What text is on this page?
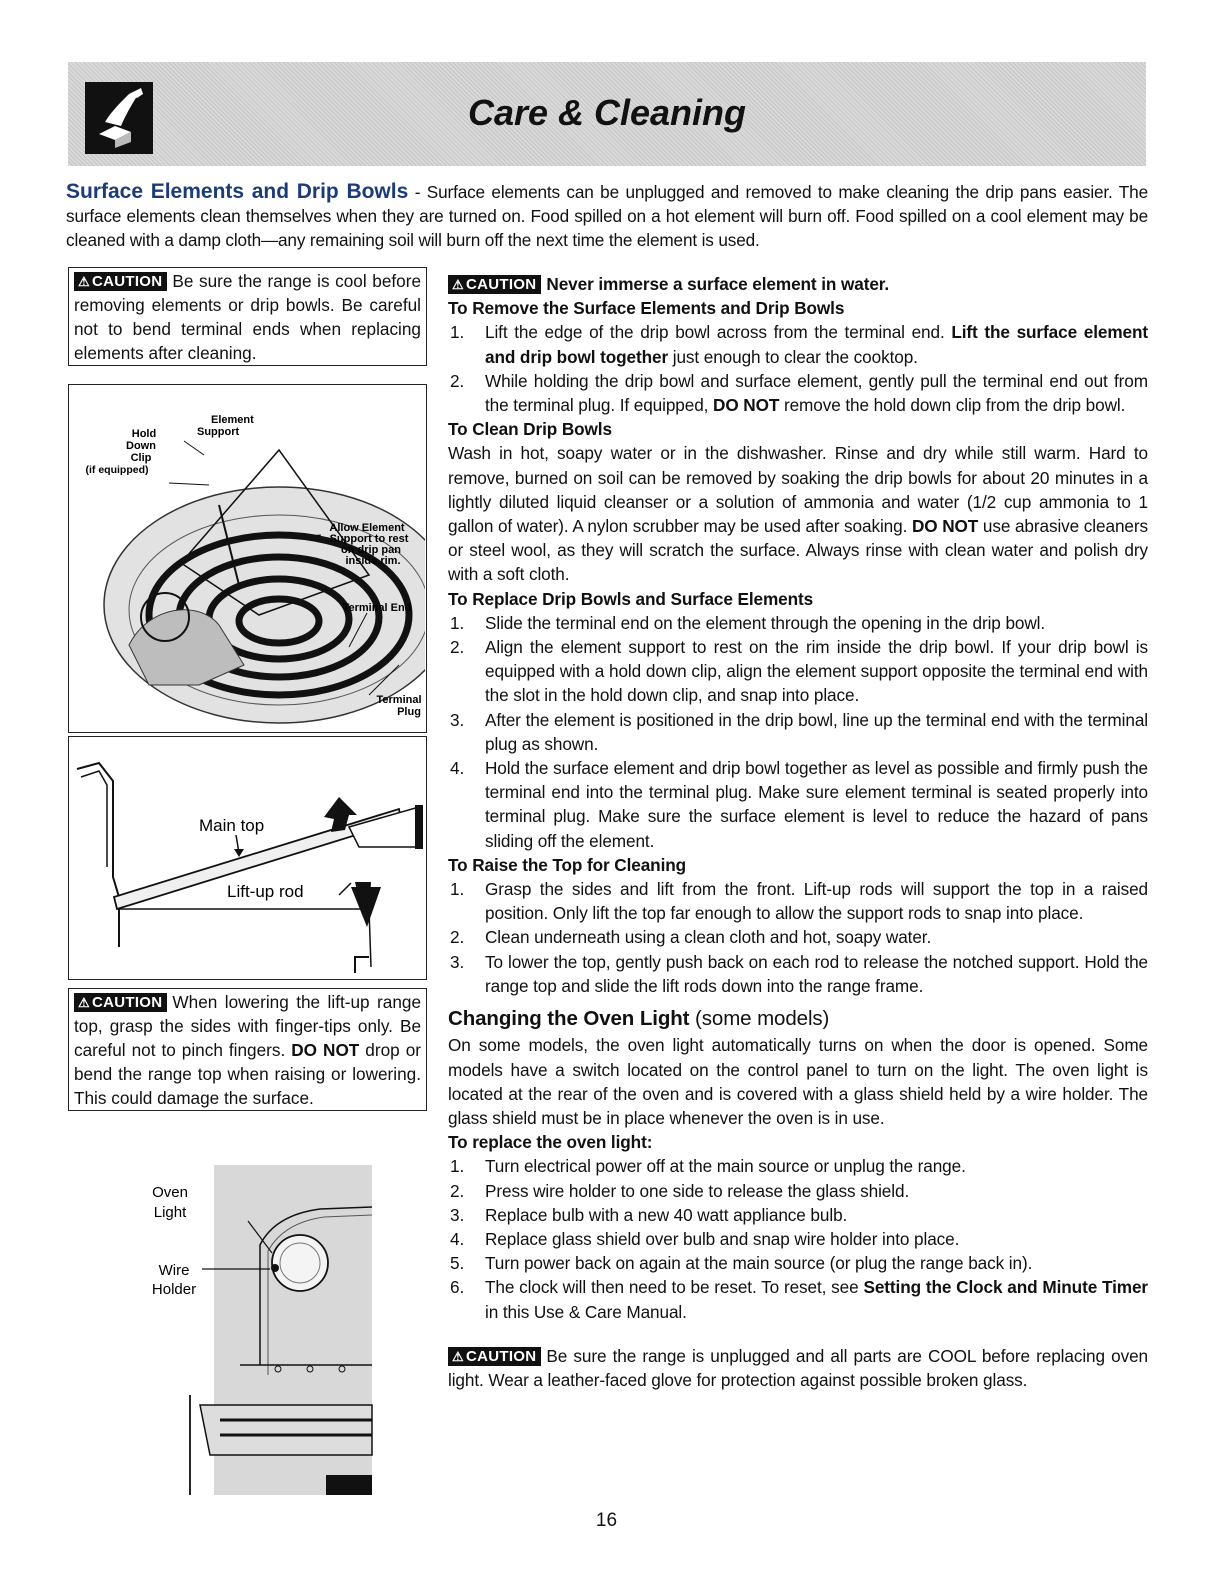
Care & Cleaning
Surface Elements and Drip Bowls - Surface elements can be unplugged and removed to make cleaning the drip pans easier. The surface elements clean themselves when they are turned on. Food spilled on a hot element will burn off. Food spilled on a cool element may be cleaned with a damp cloth—any remaining soil will burn off the next time the element is used.
⚠ CAUTION Be sure the range is cool before removing elements or drip bowls. Be careful not to bend terminal ends when replacing elements after cleaning.
Hold
Down
Clip
(if equipped)
Element
Support
Allow Element
Support to rest
on drip pan
inside rim.
Terminal End
Terminal
Plug
Main top
Lift-up rod
⚠ CAUTION When lowering the lift-up range top, grasp the sides with finger-tips only. Be careful not to pinch fingers. DO NOT drop or bend the range top when raising or lowering. This could damage the surface.
Oven
Light
Wire
Holder

⚠ CAUTION Never immerse a surface element in water.

To Remove the Surface Elements and Drip Bowls
1. Lift the edge of the drip bowl across from the terminal end. Lift the surface element and drip bowl together just enough to clear the cooktop.
2. While holding the drip bowl and surface element, gently pull the terminal end out from the terminal plug. If equipped, DO NOT remove the hold down clip from the drip bowl.
To Clean Drip Bowls

Wash in hot, soapy water or in the dishwasher. Rinse and dry while still warm. Hard to remove, burned on soil can be removed by soaking the drip bowls for about 20 minutes in a lightly diluted liquid cleanser or a solution of ammonia and water (1/2 cup ammonia to 1 gallon of water). A nylon scrubber may be used after soaking. DO NOT use abrasive cleaners or steel wool, as they will scratch the surface. Always rinse with clean water and polish dry with a soft cloth.

To Replace Drip Bowls and Surface Elements
1. Slide the terminal end on the element through the opening in the drip bowl.
2. Align the element support to rest on the rim inside the drip bowl. If your drip bowl is equipped with a hold down clip, align the element support opposite the terminal end with the slot in the hold down clip, and snap into place.
3. After the element is positioned in the drip bowl, line up the terminal end with the terminal plug as shown.
4. Hold the surface element and drip bowl together as level as possible and firmly push the terminal end into the terminal plug. Make sure element terminal is seated properly into terminal plug. Make sure the surface element is level to reduce the hazard of pans sliding off the element.
To Raise the Top for Cleaning
1. Grasp the sides and lift from the front. Lift-up rods will support the top in a raised position. Only lift the top far enough to allow the support rods to snap into place.
2. Clean underneath using a clean cloth and hot, soapy water.
3. To lower the top, gently push back on each rod to release the notched support. Hold the range top and slide the lift rods down into the range frame.
Changing the Oven Light (some models)

On some models, the oven light automatically turns on when the door is opened. Some models have a switch located on the control panel to turn on the light. The oven light is located at the rear of the oven and is covered with a glass shield held by a wire holder. The glass shield must be in place whenever the oven is in use.

To replace the oven light:
1. Turn electrical power off at the main source or unplug the range.
2. Press wire holder to one side to release the glass shield.
3. Replace bulb with a new 40 watt appliance bulb.
4. Replace glass shield over bulb and snap wire holder into place.
5. Turn power back on again at the main source (or plug the range back in).
6. The clock will then need to be reset. To reset, see Setting the Clock and Minute Timer in this Use & Care Manual.

⚠ CAUTION Be sure the range is unplugged and all parts are COOL before replacing oven light. Wear a leather-faced glove for protection against possible broken glass.

16
